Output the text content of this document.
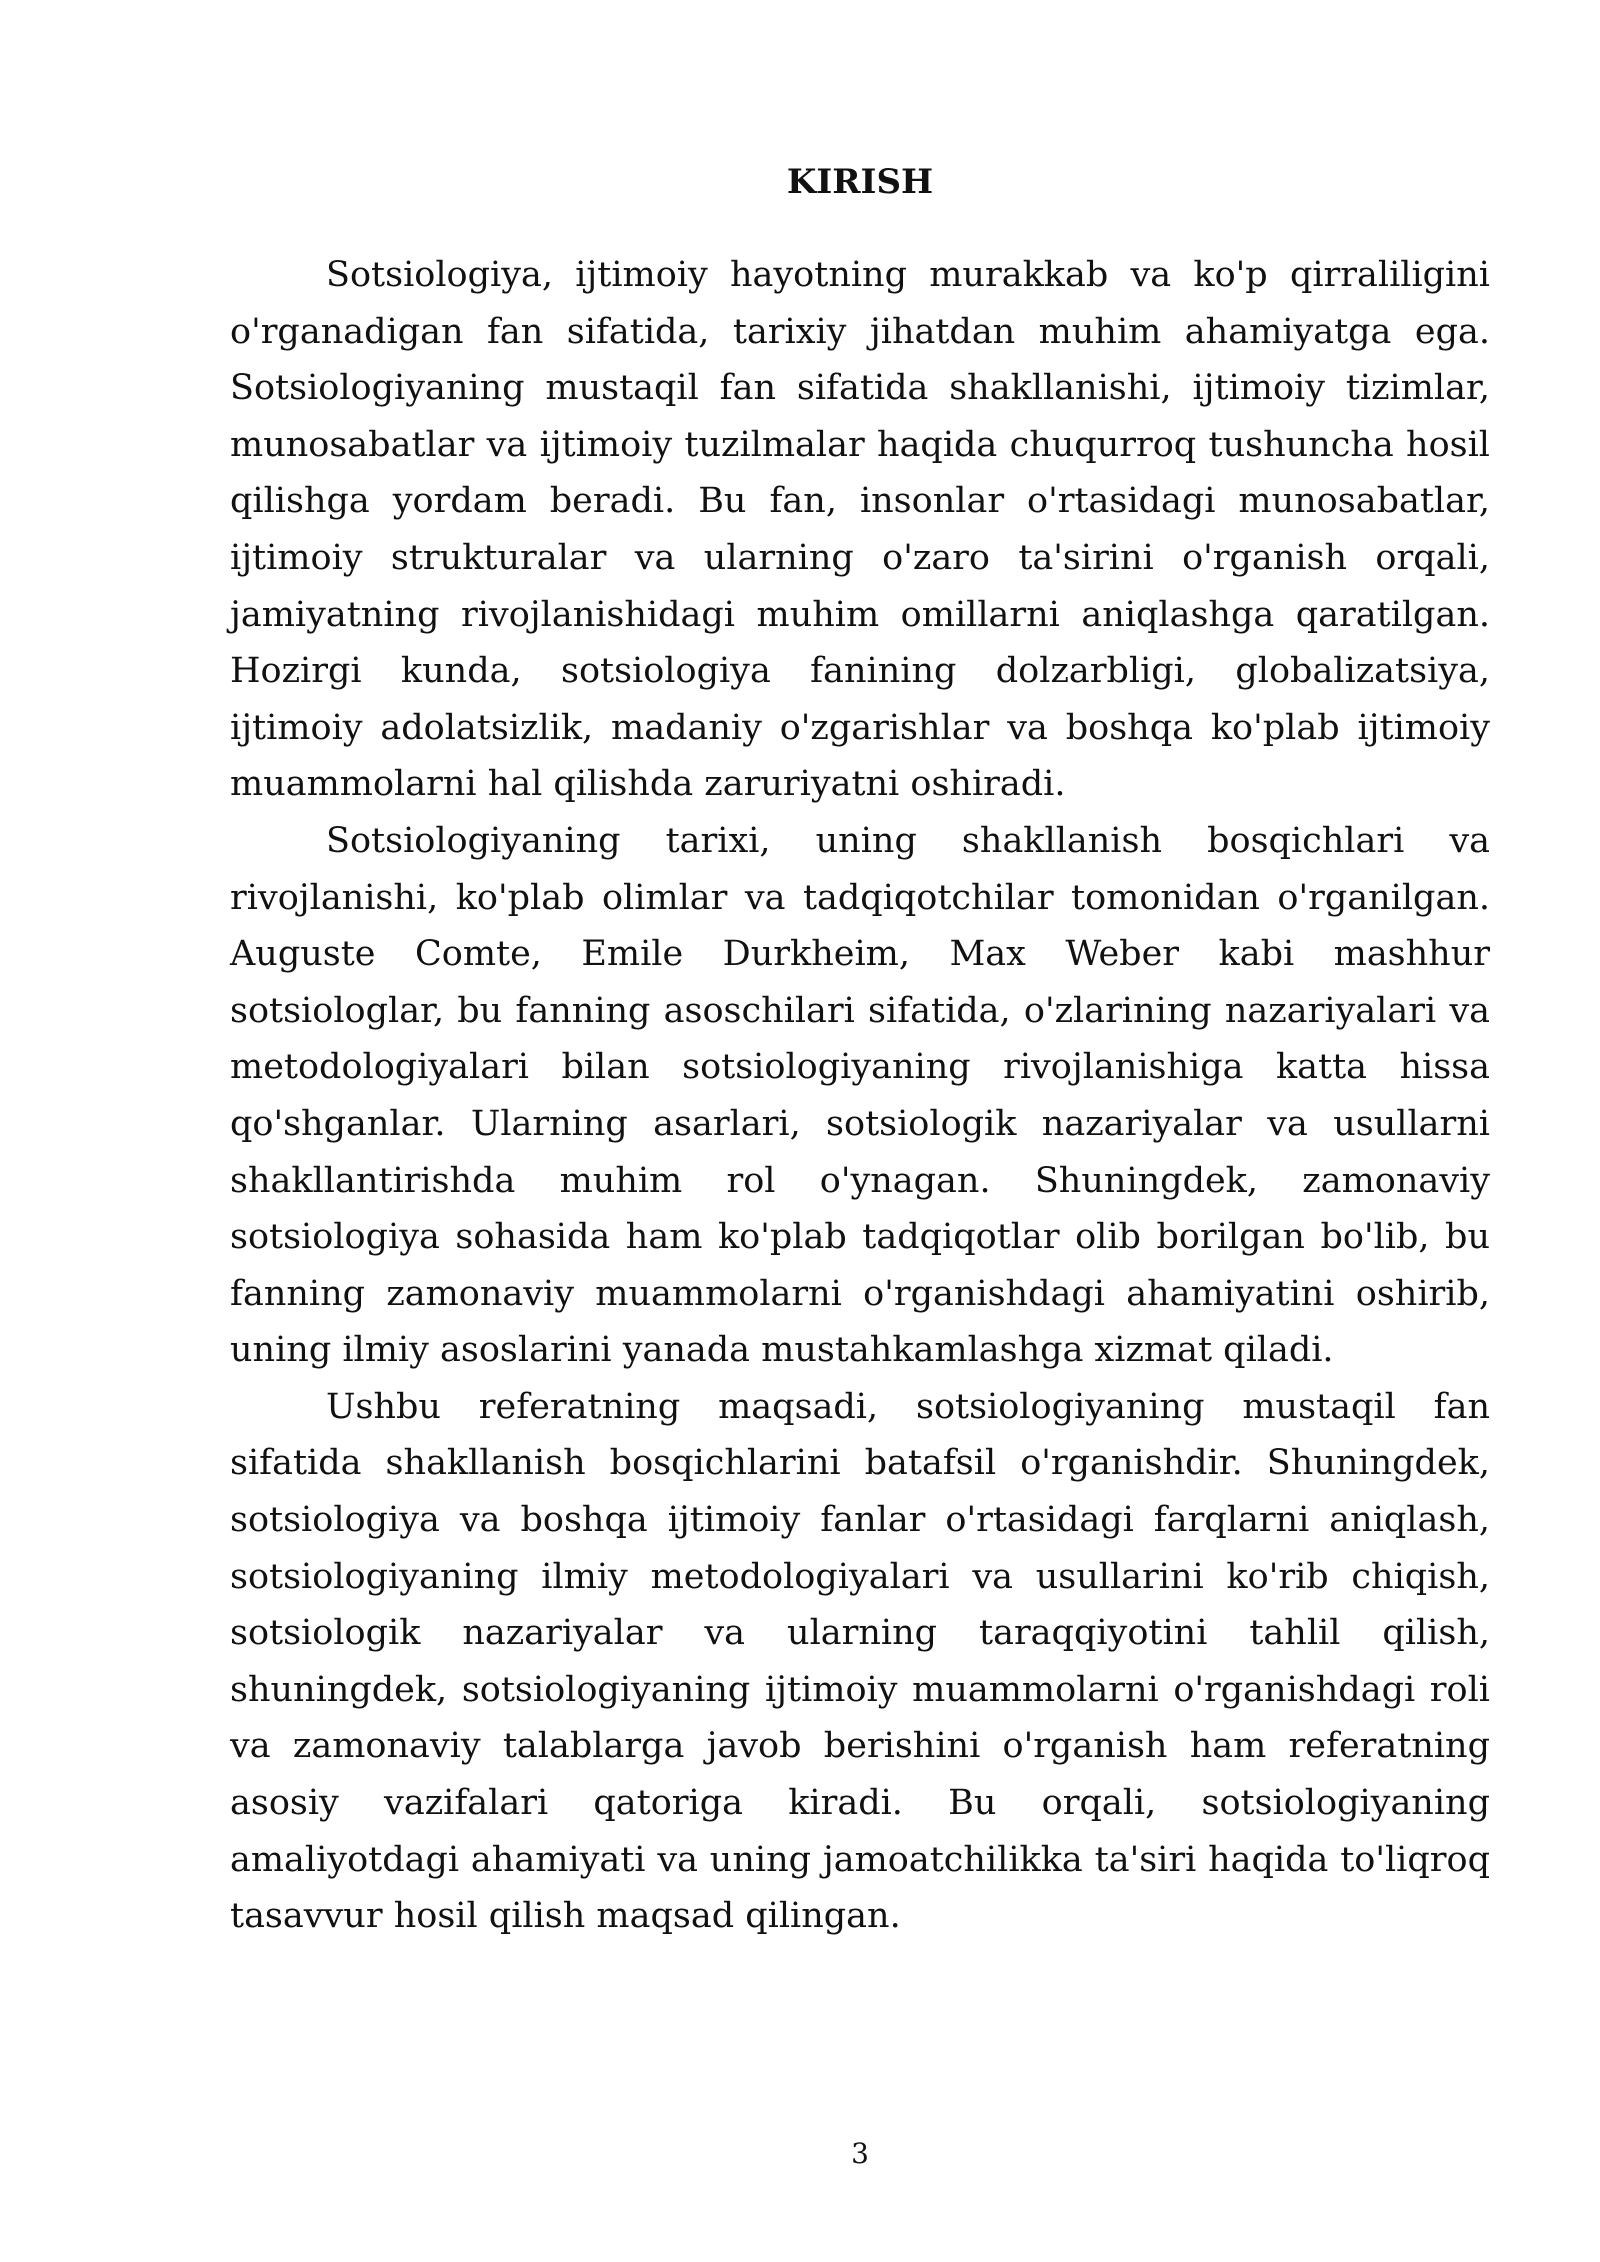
KIRISH

Sotsiologiya, ijtimoiy hayotning murakkab va ko'p qirraliligini o'rganadigan fan sifatida, tarixiy jihatdan muhim ahamiyatga ega. Sotsiologiyaning mustaqil fan sifatida shakllanishi, ijtimoiy tizimlar, munosabatlar va ijtimoiy tuzilmalar haqida chuqurroq tushuncha hosil qilishga yordam beradi. Bu fan, insonlar o'rtasidagi munosabatlar, ijtimoiy strukturalar va ularning o'zaro ta'sirini o'rganish orqali, jamiyatning rivojlanishidagi muhim omillarni aniqlashga qaratilgan. Hozirgi kunda, sotsiologiya fanining dolzarbligi, globalizatsiya, ijtimoiy adolatsizlik, madaniy o'zgarishlar va boshqa ko'plab ijtimoiy muammolarni hal qilishda zaruriyatni oshiradi.

Sotsiologiyaning tarixi, uning shakllanish bosqichlari va rivojlanishi, ko'plab olimlar va tadqiqotchilar tomonidan o'rganilgan. Auguste Comte, Emile Durkheim, Max Weber kabi mashhur sotsiologlar, bu fanning asoschilari sifatida, o'zlarining nazariyalari va metodologiyalari bilan sotsiologiyaning rivojlanishiga katta hissa qo'shganlar. Ularning asarlari, sotsiologik nazariyalar va usullarni shakllantirishda muhim rol o'ynagan. Shuningdek, zamonaviy sotsiologiya sohasida ham ko'plab tadqiqotlar olib borilgan bo'lib, bu fanning zamonaviy muammolarni o'rganishdagi ahamiyatini oshirib, uning ilmiy asoslarini yanada mustahkamlashga xizmat qiladi.

Ushbu referatning maqsadi, sotsiologiyaning mustaqil fan sifatida shakllanish bosqichlarini batafsil o'rganishdir. Shuningdek, sotsiologiya va boshqa ijtimoiy fanlar o'rtasidagi farqlarni aniqlash, sotsiologiyaning ilmiy metodologiyalari va usullarini ko'rib chiqish, sotsiologik nazariyalar va ularning taraqqiyotini tahlil qilish, shuningdek, sotsiologiyaning ijtimoiy muammolarni o'rganishdagi roli va zamonaviy talablarga javob berishini o'rganish ham referatning asosiy vazifalari qatoriga kiradi. Bu orqali, sotsiologiyaning amaliyotdagi ahamiyati va uning jamoatchilikka ta'siri haqida to'liqroq tasavvur hosil qilish maqsad qilingan.

3
